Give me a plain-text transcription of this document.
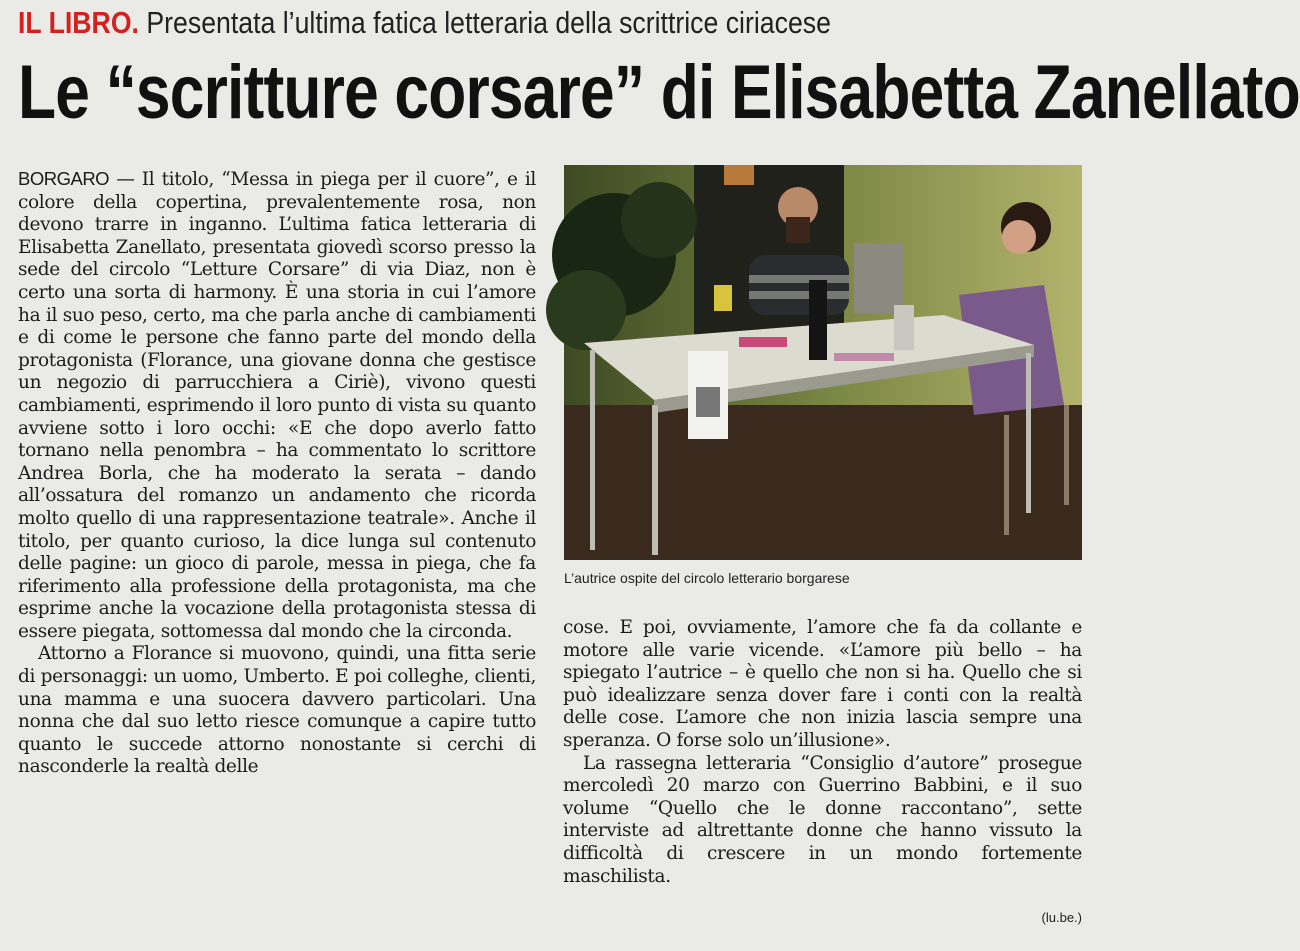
IL LIBRO. Presentata l’ultima fatica letteraria della scrittrice ciriacese
Le “scritture corsare” di Elisabetta Zanellato

BORGARO — Il titolo, “Messa in piega per il cuore”, e il colore della copertina, prevalentemente rosa, non devono trarre in inganno. L’ultima fatica letteraria di Elisabetta Zanellato, presentata giovedì scorso presso la sede del circolo “Letture Corsare” di via Diaz, non è certo una sorta di harmony. È una storia in cui l’amore ha il suo peso, certo, ma che parla anche di cambiamenti e di come le persone che fanno parte del mondo della protagonista (Florance, una giovane donna che gestisce un negozio di parrucchiera a Ciriè), vivono questi cambiamenti, esprimendo il loro punto di vista su quanto avviene sotto i loro occhi: «E che dopo averlo fatto tornano nella penombra – ha commentato lo scrittore Andrea Borla, che ha moderato la serata – dando all’ossatura del romanzo un andamento che ricorda molto quello di una rappresentazione teatrale». Anche il titolo, per quanto curioso, la dice lunga sul contenuto delle pagine: un gioco di parole, messa in piega, che fa riferimento alla professione della protagonista, ma che esprime anche la vocazione della protagonista stessa di essere piegata, sottomessa dal mondo che la circonda.

Attorno a Florance si muovono, quindi, una fitta serie di personaggi: un uomo, Umberto. E poi colleghe, clienti, una mamma e una suocera davvero particolari. Una nonna che dal suo letto riesce comunque a capire tutto quanto le succede attorno nonostante si cerchi di nasconderle la realtà delle

L’autrice ospite del circolo letterario borgarese

cose. E poi, ovviamente, l’amore che fa da collante e motore alle varie vicende. «L’amore più bello – ha spiegato l’autrice – è quello che non si ha. Quello che si può idealizzare senza dover fare i conti con la realtà delle cose. L’amore che non inizia lascia sempre una speranza. O forse solo un’illusione».

La rassegna letteraria “Consiglio d’autore” prosegue mercoledì 20 marzo con Guerrino Babbini, e il suo volume “Quello che le donne raccontano”, sette interviste ad altrettante donne che hanno vissuto la difficoltà di crescere in un mondo fortemente maschilista.

(lu.be.)
